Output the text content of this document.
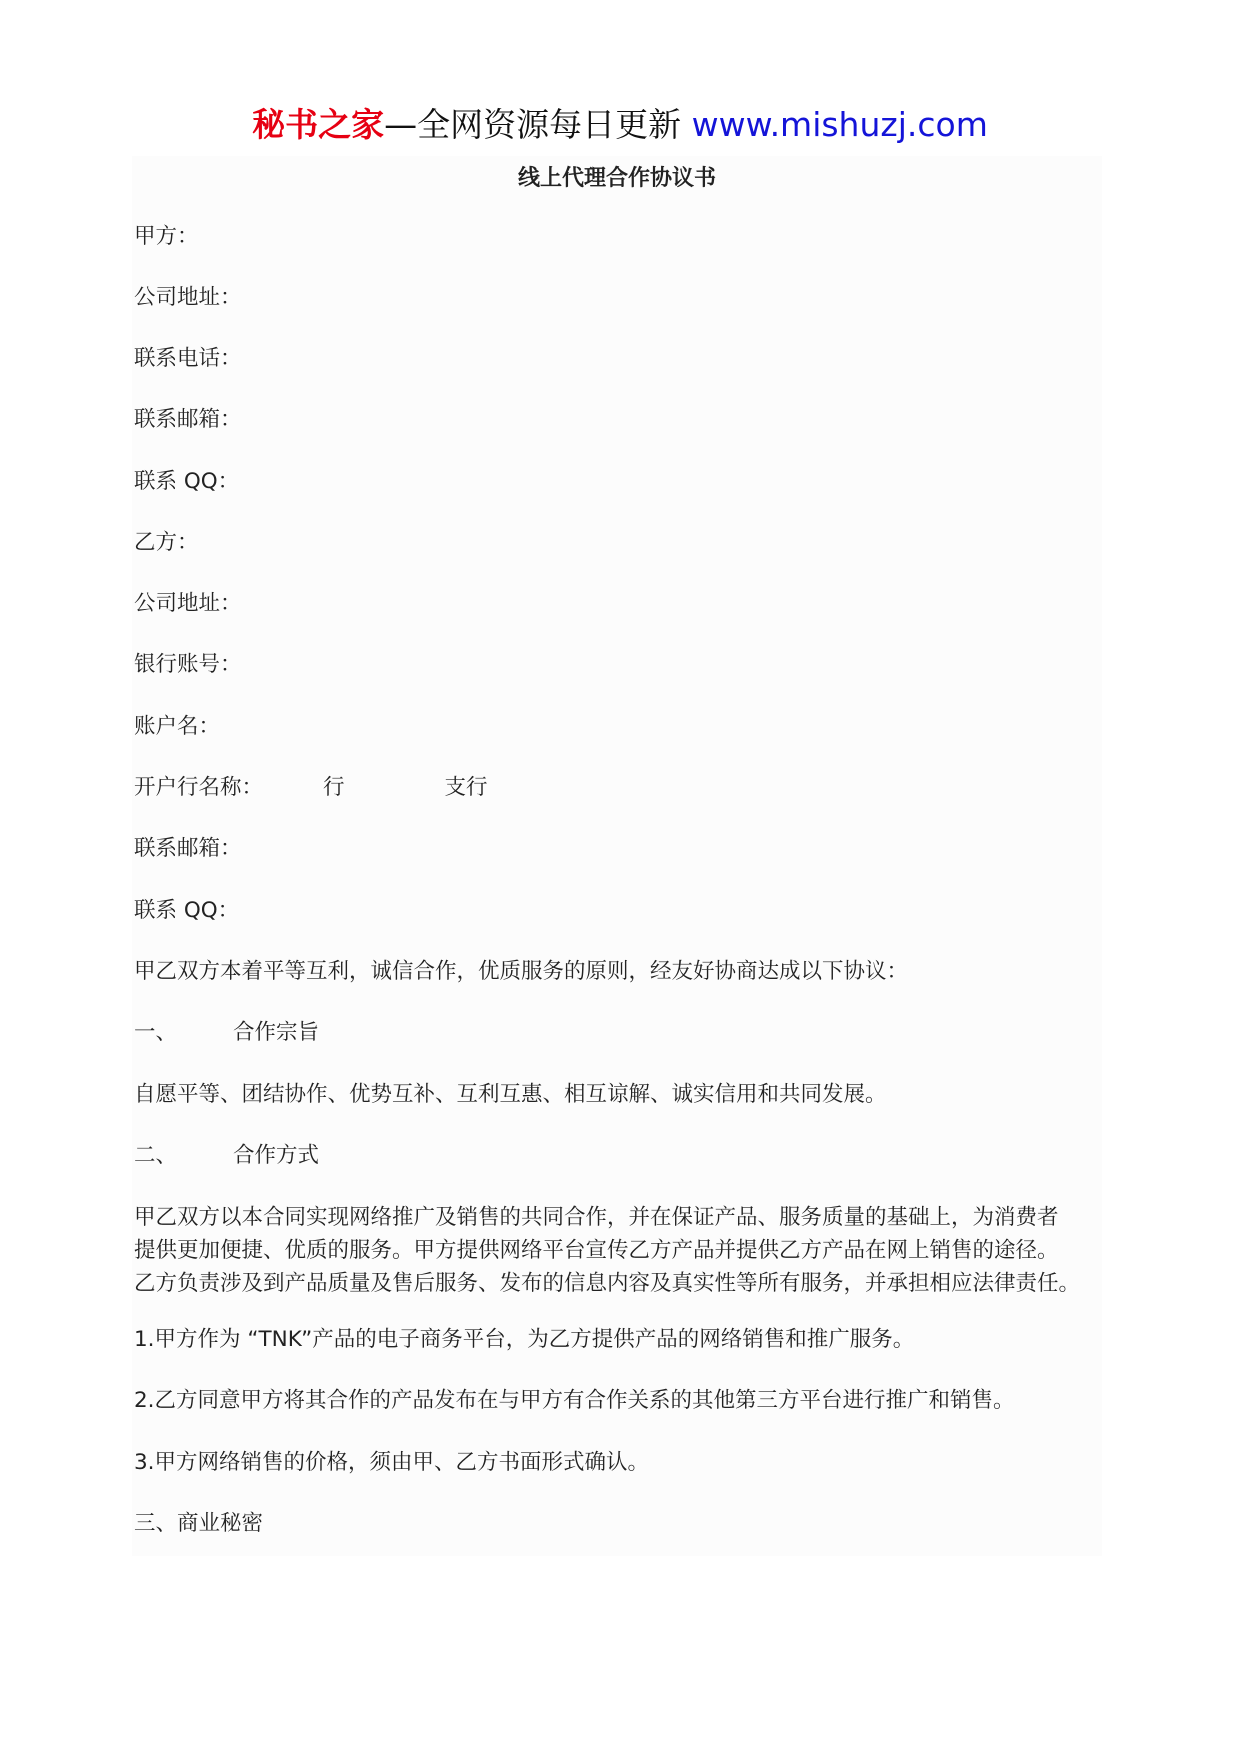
秘书之家—全网资源每日更新 www.mishuzj.com
线上代理合作协议书
甲方：
公司地址：
联系电话：
联系邮箱：
联系 QQ：
乙方：
公司地址：
银行账号：
账户名：
开户行名称：	行	支行
联系邮箱：
联系 QQ：
甲乙双方本着平等互利，诚信合作，优质服务的原则，经友好协商达成以下协议：
一、	合作宗旨
自愿平等、团结协作、优势互补、互利互惠、相互谅解、诚实信用和共同发展。
二、	合作方式
甲乙双方以本合同实现网络推广及销售的共同合作，并在保证产品、服务质量的基础上，为消费者
提供更加便捷、优质的服务。甲方提供网络平台宣传乙方产品并提供乙方产品在网上销售的途径。
乙方负责涉及到产品质量及售后服务、发布的信息内容及真实性等所有服务，并承担相应法律责任。
1.甲方作为 “TNK”产品的电子商务平台，为乙方提供产品的网络销售和推广服务。
2.乙方同意甲方将其合作的产品发布在与甲方有合作关系的其他第三方平台进行推广和销售。
3.甲方网络销售的价格，须由甲、乙方书面形式确认。
三、商业秘密
